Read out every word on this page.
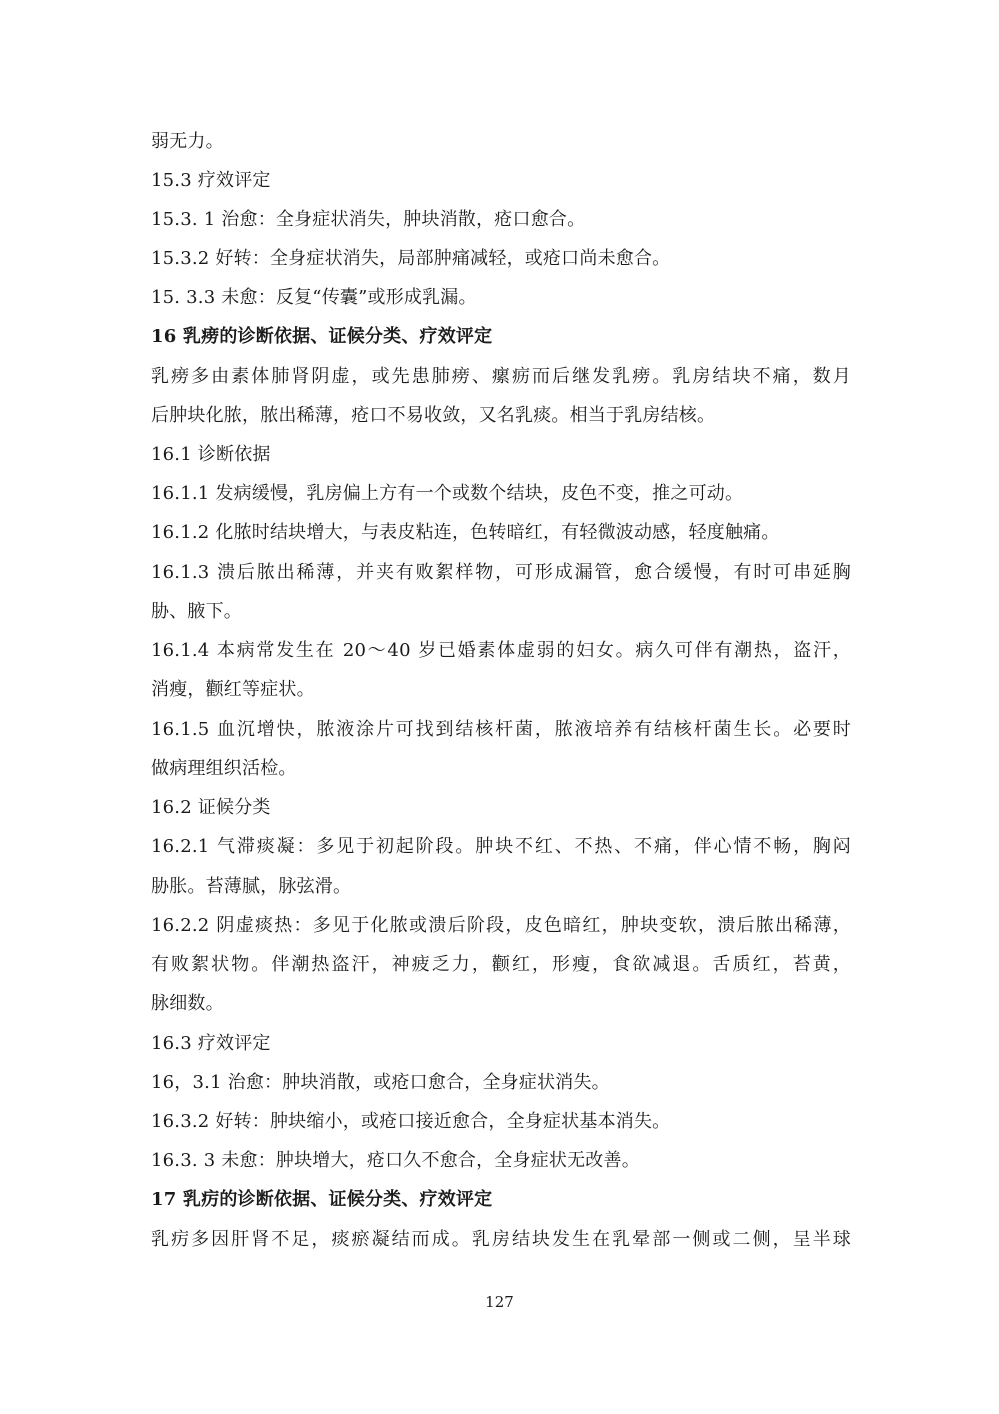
弱无力。
15.3 疗效评定
15.3. 1 治愈：全身症状消失，肿块消散，疮口愈合。
15.3.2 好转：全身症状消失，局部肿痛减轻，或疮口尚未愈合。
15. 3.3 未愈：反复“传囊”或形成乳漏。
16 乳痨的诊断依据、证候分类、疗效评定
乳痨多由素体肺肾阴虚，或先患肺痨、瘰疬而后继发乳痨。乳房结块不痛，数月
后肿块化脓，脓出稀薄，疮口不易收敛，又名乳痰。相当于乳房结核。
16.1 诊断依据
16.1.1 发病缓慢，乳房偏上方有一个或数个结块，皮色不变，推之可动。
16.1.2 化脓时结块增大，与表皮粘连，色转暗红，有轻微波动感，轻度触痛。
16.1.3 溃后脓出稀薄，并夹有败絮样物，可形成漏管，愈合缓慢，有时可串延胸
胁、腋下。
16.1.4 本病常发生在 20～40 岁已婚素体虚弱的妇女。病久可伴有潮热，盗汗，
消瘦，颧红等症状。
16.1.5 血沉增快，脓液涂片可找到结核杆菌，脓液培养有结核杆菌生长。必要时
做病理组织活检。
16.2 证候分类
16.2.1 气滞痰凝：多见于初起阶段。肿块不红、不热、不痛，伴心情不畅，胸闷
胁胀。苔薄腻，脉弦滑。
16.2.2 阴虚痰热：多见于化脓或溃后阶段，皮色暗红，肿块变软，溃后脓出稀薄，
有败絮状物。伴潮热盗汗，神疲乏力，颧红，形瘦，食欲减退。舌质红，苔黄，
脉细数。
16.3 疗效评定
16，3.1 治愈：肿块消散，或疮口愈合，全身症状消失。
16.3.2 好转：肿块缩小，或疮口接近愈合，全身症状基本消失。
16.3. 3 未愈：肿块增大，疮口久不愈合，全身症状无改善。
17 乳疠的诊断依据、证候分类、疗效评定
乳疠多因肝肾不足，痰瘀凝结而成。乳房结块发生在乳晕部一侧或二侧，呈半球
127
